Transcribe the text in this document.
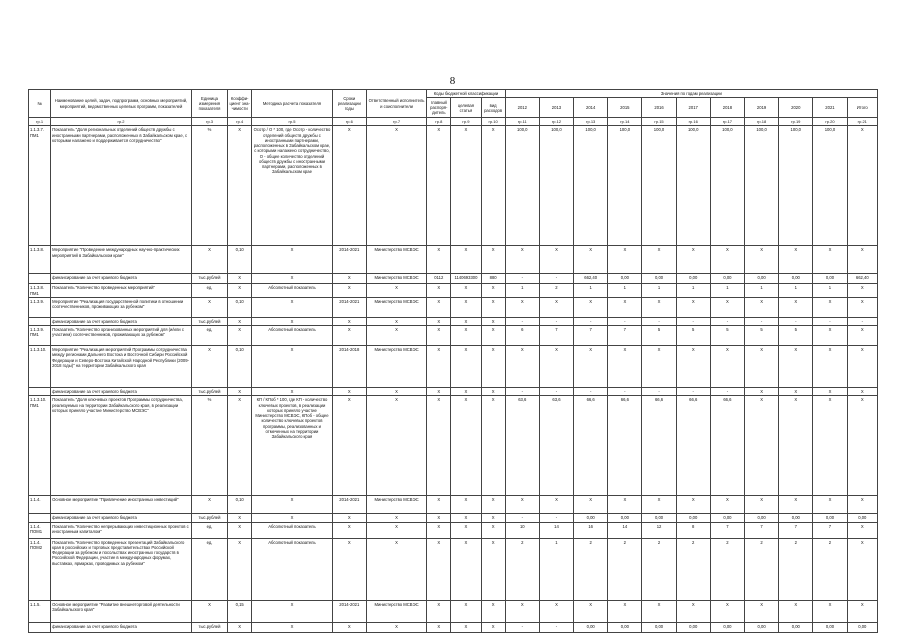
8
№	Наименование целей, задач, подпрограмм, основных мероприятий, мероприятий, ведомственных целевых программ, показателей	Единица измерения показателя	Коэффи-циент зна-чимости	Методика расчета показателя	Сроки реализации годы	Ответственный исполнитель и соисполнители	Коды бюджетной классификации			Значения по годам реализации										
							главный распоря-дитель	целевая статья	вид расходов	2012	2013	2014	2015	2016	2017	2018	2019	2020	2021	Итого
гр.1	гр.2	гр.3	гр.4	гр.5	гр.6	гр.7	гр.8	гр.9	гр.10	гр.11	гр.12	гр.13	гр.14	гр.15	гр.16	гр.17	гр.18	гр.19	гр.20	гр.21
1.1.3.7. ПМ1	Показатель "Доля региональных отделений обществ дружбы с иностранными партнерами, расположенных в Забайкальском крае, с которыми налажено и поддерживается сотрудничество"	%	Х	Осотр / О * 100, где Осотр - количество отделений обществ дружбы с иностранными партнерами, расположенных в Забайкальском крае, с которыми налажено сотрудничество, О - общее количество отделений обществ дружбы с иностранными партнерами, расположенных в Забайкальском крае	Х	Х	Х	Х	Х	100,0	100,0	100,0	100,0	100,0	100,0	100,0	100,0	100,0	100,0	Х
1.1.3.8.	Мероприятие "Проведение международных научно-практических мероприятий в Забайкальском крае"	Х	0,10	Х	2014-2021	Министерство МСВЭС	Х	Х	Х	Х	Х	Х	Х	Х	Х	Х	Х	Х	Х	Х
	финансирование за счет краевого бюджета	тыс.рублей	Х	Х	Х	Министерство МСВЭС	0112	1140693300	880	-	-	662,40	0,00	0,00	0,00	0,00	0,00	0,00	0,00	662,40
1.1.3.8. ПМ1	Показатель "Количество проведенных мероприятий"	ед.	Х	Абсолютный показатель	Х	Х	Х	Х	Х	1	2	1	1	1	1	1	1	1	1	Х
1.1.3.9.	Мероприятие "Реализация государственной политики в отношении соотечественников, проживающих за рубежом"	Х	0,10	Х	2014-2021	Министерство МСВЭС	Х	Х	Х	Х	Х	Х	Х	Х	Х	Х	Х	Х	Х	Х
	финансирование за счет краевого бюджета	тыс.рублей	Х	Х	Х	Х	Х	Х	Х	-	-	-	-	-	-	-	-	-	-	-
1.1.3.9. ПМ1	Показатель "Количество организованных мероприятий для (и/или с участием) соотечественников, проживающих за рубежом"	ед.	Х	Абсолютный показатель	Х	Х	Х	Х	Х	6	7	7	7	5	5	5	5	5	Х	Х
1.1.3.10.	Мероприятие "Реализация мероприятий Программы сотрудничества между регионами Дальнего Востока и Восточной Сибири Российской Федерации и Северо-Востока Китайской Народной Республики (2009-2018 годы)" на территории Забайкальского края	Х	0,10	Х	2014-2018	Министерство МСВЭС	Х	Х	Х	Х	Х	Х	Х	Х	Х	Х	Х	Х	Х	Х
	финансирование за счет краевого бюджета	тыс.рублей	Х	Х	Х	Х	Х	Х	Х	-	-	-	-	-	-	-	Х	Х	Х	Х
1.1.3.10. ПМ1	Показатель "Доля ключевых проектов Программы сотрудничества, реализуемых на территории Забайкальского края, в реализации которых приняло участие Министерство МСВЭС"	%	Х	КП / КПоб * 100, где КП - количество ключевых проектов, в реализации которых приняло участие Министерство МСВЭС, КПоб - общее количество ключевых проектов программы, реализованных и отмеченных на территории Забайкальского края	Х	Х	Х	Х	Х	63,6	63,6	66,6	66,6	66,6	66,6	66,6	Х	Х	Х	Х
1.1.4.	Основное мероприятие "Привлечение иностранных инвестиций"	Х	0,10	Х	2014-2021	Министерство МСВЭС	Х	Х	Х	Х	Х	Х	Х	Х	Х	Х	Х	Х	Х	Х
	финансирование за счет краевого бюджета	тыс.рублей	Х	Х	Х	Х	Х	Х	Х	-	-	0,00	0,00	0,00	0,00	0,00	0,00	0,00	0,00	0,00
1.1.4. ПОМ1	Показатель "Количество непрерывающих инвестиционных проектов с иностранным капиталом"	ед.	Х	Абсолютный показатель	Х	Х	Х	Х	Х	10	14	16	14	12	8	7	7	7	7	Х
1.1.4. ПОМ2	Показатель "Количество проведенных презентаций Забайкальского края в российских и торговых представительствах Российской Федерации за рубежом и посольствах иностранных государств в Российской Федерации, участие в международных форумах, выставках, ярмарках, проводимых за рубежом"	ед.	Х	Абсолютный показатель	Х	Х	Х	Х	Х	2	1	2	2	2	2	2	2	2	2	Х
1.1.5.	Основное мероприятие "Развитие внешнеторговой деятельности Забайкальского края"	Х	0,15	Х	2014-2021	Министерство МСВЭС	Х	Х	Х	Х	Х	Х	Х	Х	Х	Х	Х	Х	Х	Х
	финансирование за счет краевого бюджета	тыс.рублей	Х	Х	Х	Х	Х	Х	Х	-	-	0,00	0,00	0,00	0,00	0,00	0,00	0,00	0,00	0,00
